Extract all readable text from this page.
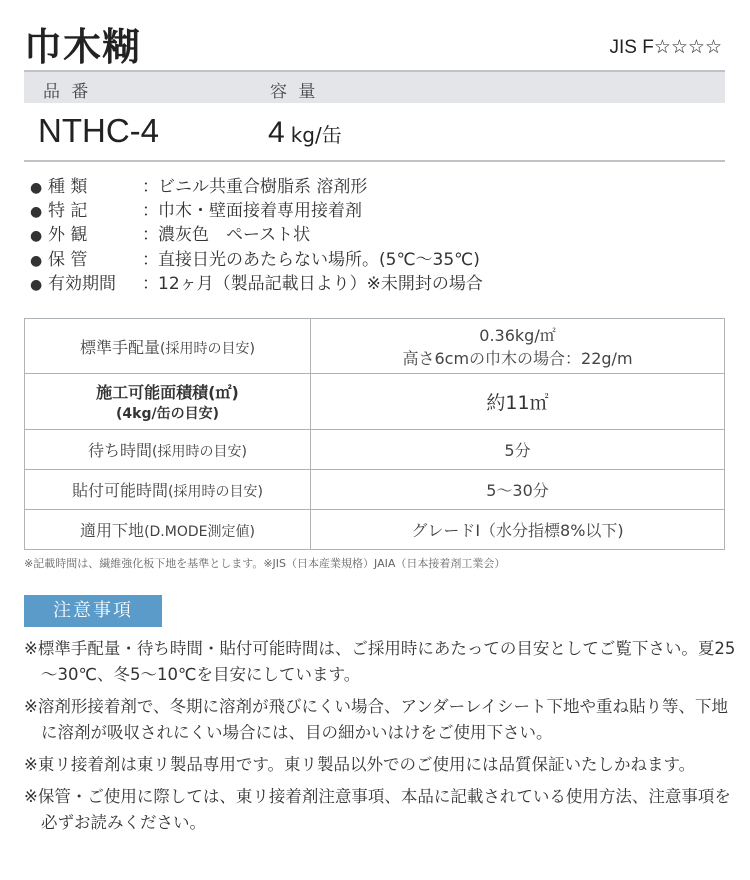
巾木糊	JIS F☆☆☆☆
品 番	容 量
NTHC-4	4 kg/缶
● 種 類	：ビニル共重合樹脂系 溶剤形
● 特 記	：巾木・壁面接着専用接着剤
● 外 観	：濃灰色　ペースト状
● 保 管	：直接日光のあたらない場所。(5℃～35℃)
● 有効期間 ：12ヶ月（製品記載日より）※未開封の場合
標準手配量(採用時の目安)	0.36kg/㎡
高さ6cmの巾木の場合：22g/m

施工可能面積積(㎡)
(4kg/缶の目安)	約11㎡
待ち時間(採用時の目安)	5分
貼付可能時間(採用時の目安)	5～30分
適用下地(D.MODE測定値)	グレードⅠ（水分指標8%以下)
※記載時間は、繊維強化板下地を基準とします。※JIS（日本産業規格）JAIA（日本接着剤工業会）
注意事項
※標準手配量・待ち時間・貼付可能時間は、ご採用時にあたっての目安としてご覧下さい。夏25～30℃、冬5～10℃を目安にしています。
※溶剤形接着剤で、冬期に溶剤が飛びにくい場合、アンダーレイシート下地や重ね貼り等、下地に溶剤が吸収されにくい場合には、目の細かいはけをご使用下さい。
※東リ接着剤は東リ製品専用です。東リ製品以外でのご使用には品質保証いたしかねます。
※保管・ご使用に際しては、東リ接着剤注意事項、本品に記載されている使用方法、注意事項を必ずお読みください。
